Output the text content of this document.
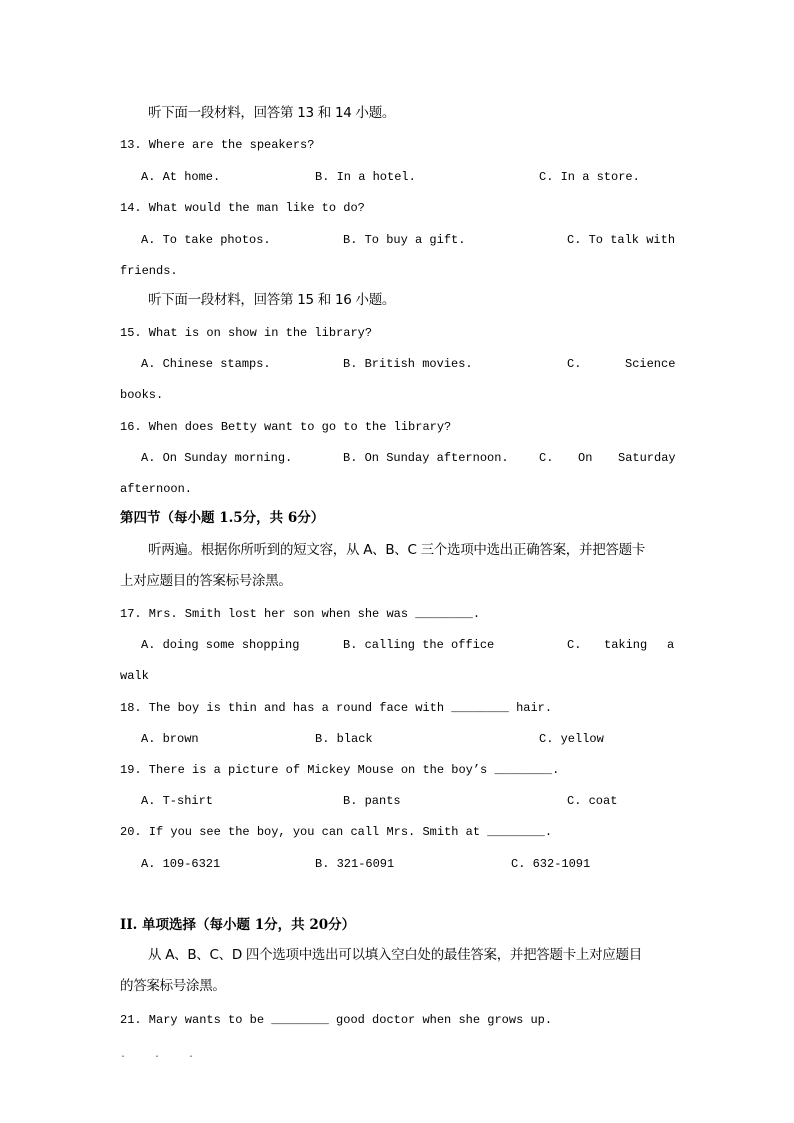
听下面一段材料，回答第 13 和 14 小题。
13. Where are the speakers?
A. At home.	B. In a hotel.	C. In a store.
14. What would the man like to do?
A. To take photos.	B. To buy a gift.	C. To talk with
friends.
听下面一段材料，回答第 15 和 16 小题。
15. What is on show in the library?
A. Chinese stamps.	B. British movies.	C.	Science
books.
16. When does Betty want to go to the library?
A. On Sunday morning.	B. On Sunday afternoon.	C. On Saturday
afternoon.
第四节（每小题 1.5分，共 6分）
听两遍。根据你所听到的短文容，从 A、B、C 三个选项中选出正确答案，并把答题卡
上对应题目的答案标号涂黑。
17. Mrs. Smith lost her son when she was ________.
A. doing some shopping	B. calling the office	C. taking a
walk
18. The boy is thin and has a round face with ________ hair.
A. brown	B. black	C. yellow
19. There is a picture of Mickey Mouse on the boy’s ________.
A. T-shirt	B. pants	C. coat
20. If you see the boy, you can call Mrs. Smith at ________.
A. 109-6321	B. 321-6091	C. 632-1091
II. 单项选择（每小题 1分，共 20分）
从 A、B、C、D 四个选项中选出可以填入空白处的最佳答案，并把答题卡上对应题目
的答案标号涂黑。
21. Mary wants to be ________ good doctor when she grows up.
···
